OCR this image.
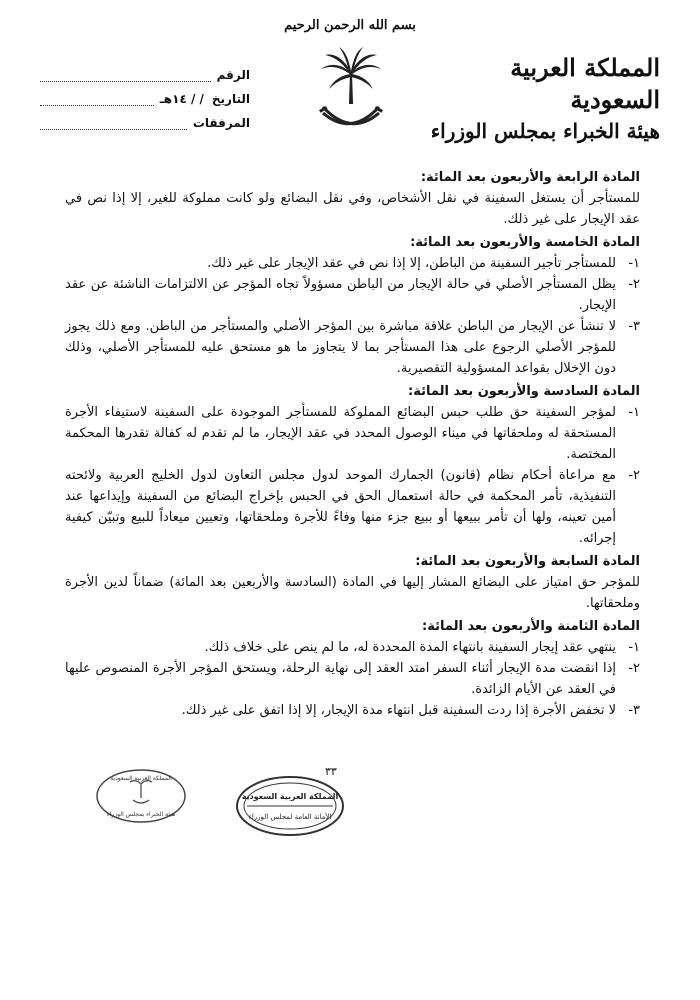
بسم الله الرحمن الرحيم
المملكة العربية السعودية
هيئة الخبراء بمجلس الوزراء
الرقم
التاريخ
/ / ١٤هـ
المرفقات
المادة الرابعة والأربعون بعد المائة:
للمستأجر أن يستغل السفينة في نقل الأشخاص، وفي نقل البضائع ولو كانت مملوكة للغير، إلا إذا نص في عقد الإيجار على غير ذلك.
المادة الخامسة والأربعون بعد المائة:
١-
للمستأجر تأجير السفينة من الباطن، إلا إذا نص في عقد الإيجار على غير ذلك.
٢-
يظل المستأجر الأصلي في حالة الإيجار من الباطن مسؤولاً تجاه المؤجر عن الالتزامات الناشئة عن عقد الإيجار.
٣-
لا تنشأ عن الإيجار من الباطن علاقة مباشرة بين المؤجر الأصلي والمستأجر من الباطن. ومع ذلك يجوز للمؤجر الأصلي الرجوع على هذا المستأجر بما لا يتجاوز ما هو مستحق عليه للمستأجر الأصلي، وذلك دون الإخلال بقواعد المسؤولية التقصيرية.
المادة السادسة والأربعون بعد المائة:
١-
لمؤجر السفينة حق طلب حبس البضائع المملوكة للمستأجر الموجودة على السفينة لاستيفاء الأجرة المستحقة له وملحقاتها في ميناء الوصول المحدد في عقد الإيجار، ما لم تقدم له كفالة تقدرها المحكمة المختصة.
٢-
مع مراعاة أحكام نظام (قانون) الجمارك الموحد لدول مجلس التعاون لدول الخليج العربية ولائحته التنفيذية، تأمر المحكمة في حالة استعمال الحق في الحبس بإخراج البضائع من السفينة وإيداعها عند أمين تعينه، ولها أن تأمر ببيعها أو ببيع جزء منها وفاءً للأجرة وملحقاتها، وتعيين ميعاداً للبيع وتبيّن كيفية إجرائه.
المادة السابعة والأربعون بعد المائة:
للمؤجر حق امتياز على البضائع المشار إليها في المادة (السادسة والأربعين بعد المائة) ضماناً لدين الأجرة وملحقاتها.
المادة الثامنة والأربعون بعد المائة:
١-
ينتهي عقد إيجار السفينة بانتهاء المدة المحددة له، ما لم ينص على خلاف ذلك.
٢-
إذا انقضت مدة الإيجار أثناء السفر امتد العقد إلى نهاية الرحلة، ويستحق المؤجر الأجرة المنصوص عليها في العقد عن الأيام الزائدة.
٣-
لا تخفض الأجرة إذا ردت السفينة قبل انتهاء مدة الإيجار، إلا إذا اتفق على غير ذلك.
٣٣
المملكة العربية السعودية
الأمانة العامة لمجلس الوزراء
المملكة العربية السعودية
هيئة الخبراء بمجلس الوزراء
